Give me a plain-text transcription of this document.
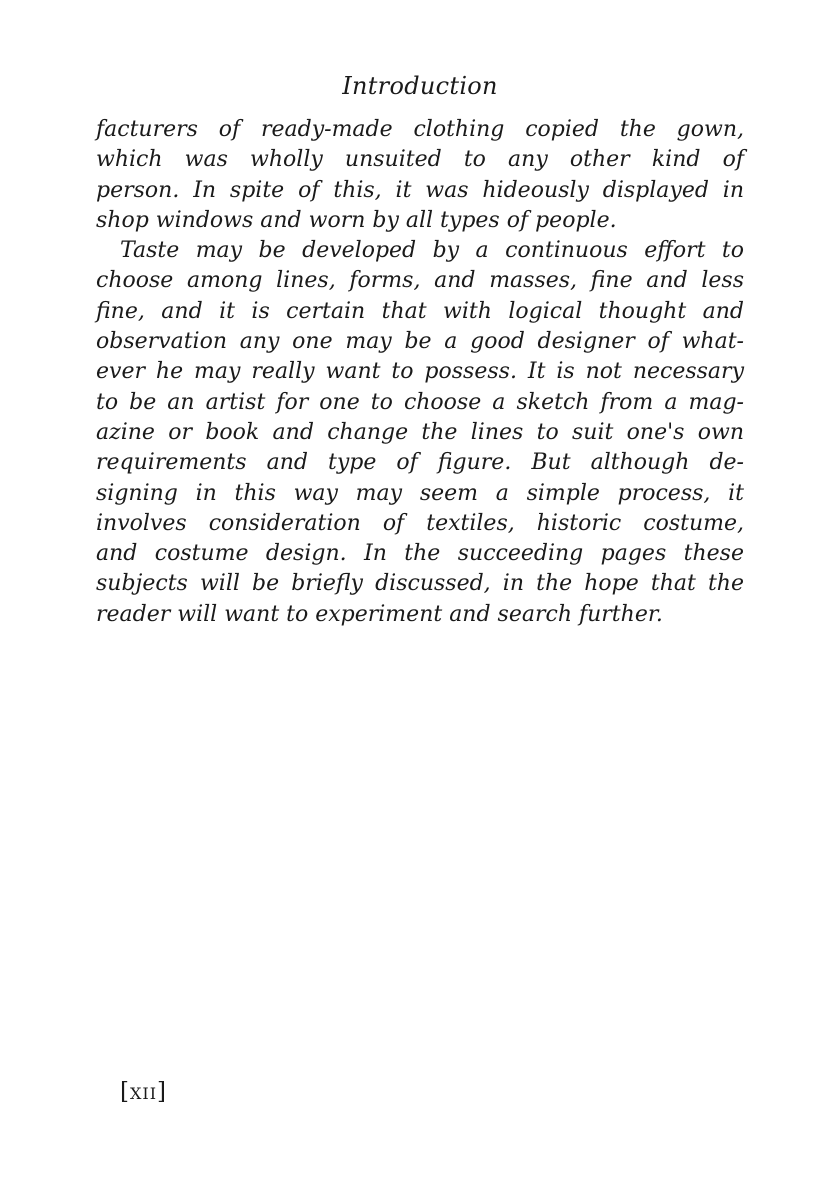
Introduction
facturers of ready-made clothing copied the gown,
which was wholly unsuited to any other kind of
person. In spite of this, it was hideously displayed in
shop windows and worn by all types of people.
Taste may be developed by a continuous effort to
choose among lines, forms, and masses, fine and less
fine, and it is certain that with logical thought and
observation any one may be a good designer of what-
ever he may really want to possess. It is not necessary
to be an artist for one to choose a sketch from a mag-
azine or book and change the lines to suit one's own
requirements and type of figure. But although de-
signing in this way may seem a simple process, it
involves consideration of textiles, historic costume,
and costume design. In the succeeding pages these
subjects will be briefly discussed, in the hope that the
reader will want to experiment and search further.
[xii]
